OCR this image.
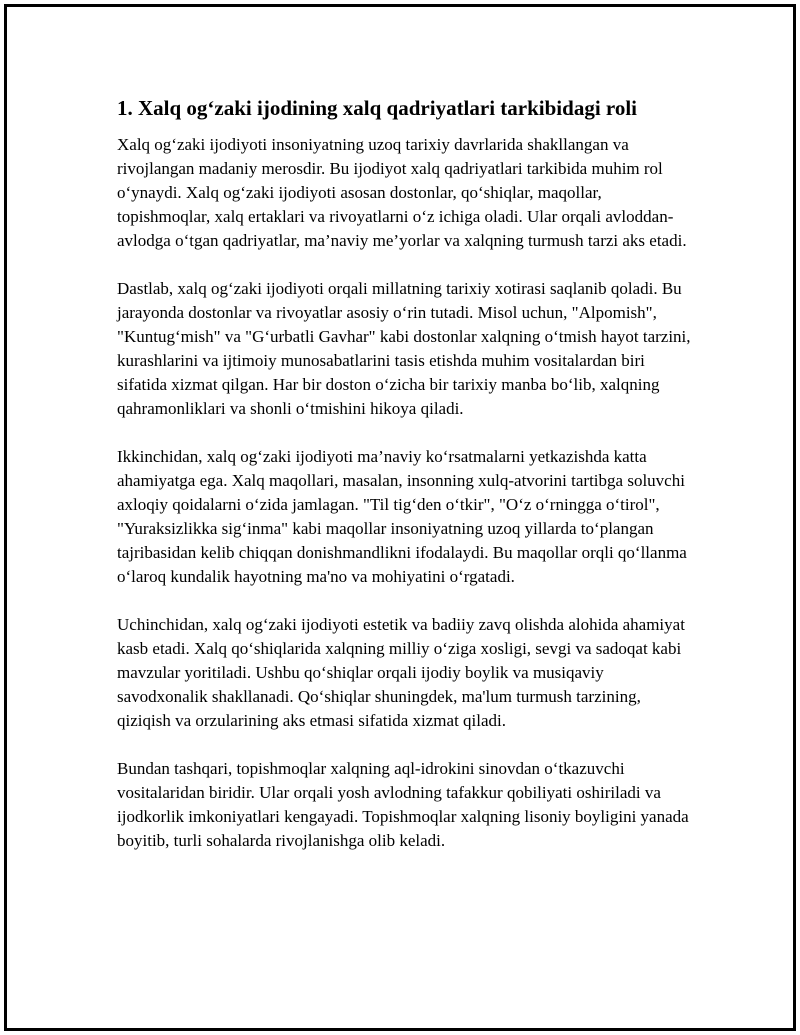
1. Xalq og‘zaki ijodining xalq qadriyatlari tarkibidagi roli

Xalq og‘zaki ijodiyoti insoniyatning uzoq tarixiy davrlarida shakllangan va rivojlangan madaniy merosdir. Bu ijodiyot xalq qadriyatlari tarkibida muhim rol o‘ynaydi. Xalq og‘zaki ijodiyoti asosan dostonlar, qo‘shiqlar, maqollar, topishmoqlar, xalq ertaklari va rivoyatlarni o‘z ichiga oladi. Ular orqali avloddan-avlodga o‘tgan qadriyatlar, ma’naviy me’yorlar va xalqning turmush tarzi aks etadi.

Dastlab, xalq og‘zaki ijodiyoti orqali millatning tarixiy xotirasi saqlanib qoladi. Bu jarayonda dostonlar va rivoyatlar asosiy o‘rin tutadi. Misol uchun, "Alpomish", "Kuntug‘mish" va "G‘urbatli Gavhar" kabi dostonlar xalqning o‘tmish hayot tarzini, kurashlarini va ijtimoiy munosabatlarini tasis etishda muhim vositalardan biri sifatida xizmat qilgan. Har bir doston o‘zicha bir tarixiy manba bo‘lib, xalqning qahramonliklari va shonli o‘tmishini hikoya qiladi.

Ikkinchidan, xalq og‘zaki ijodiyoti ma’naviy ko‘rsatmalarni yetkazishda katta ahamiyatga ega. Xalq maqollari, masalan, insonning xulq-atvorini tartibga soluvchi axloqiy qoidalarni o‘zida jamlagan. "Til tig‘den o‘tkir", "O‘z o‘rningga o‘tirol", "Yuraksizlikka sig‘inma" kabi maqollar insoniyatning uzoq yillarda to‘plangan tajribasidan kelib chiqqan donishmandlikni ifodalaydi. Bu maqollar orqli qo‘llanma o‘laroq kundalik hayotning ma'no va mohiyatini o‘rgatadi.

Uchinchidan, xalq og‘zaki ijodiyoti estetik va badiiy zavq olishda alohida ahamiyat kasb etadi. Xalq qo‘shiqlarida xalqning milliy o‘ziga xosligi, sevgi va sadoqat kabi mavzular yoritiladi. Ushbu qo‘shiqlar orqali ijodiy boylik va musiqaviy savodxonalik shakllanadi. Qo‘shiqlar shuningdek, ma'lum turmush tarzining, qiziqish va orzularining aks etmasi sifatida xizmat qiladi.

Bundan tashqari, topishmoqlar xalqning aql-idrokini sinovdan o‘tkazuvchi vositalaridan biridir. Ular orqali yosh avlodning tafakkur qobiliyati oshiriladi va ijodkorlik imkoniyatlari kengayadi. Topishmoqlar xalqning lisoniy boyligini yanada boyitib, turli sohalarda rivojlanishga olib keladi.
